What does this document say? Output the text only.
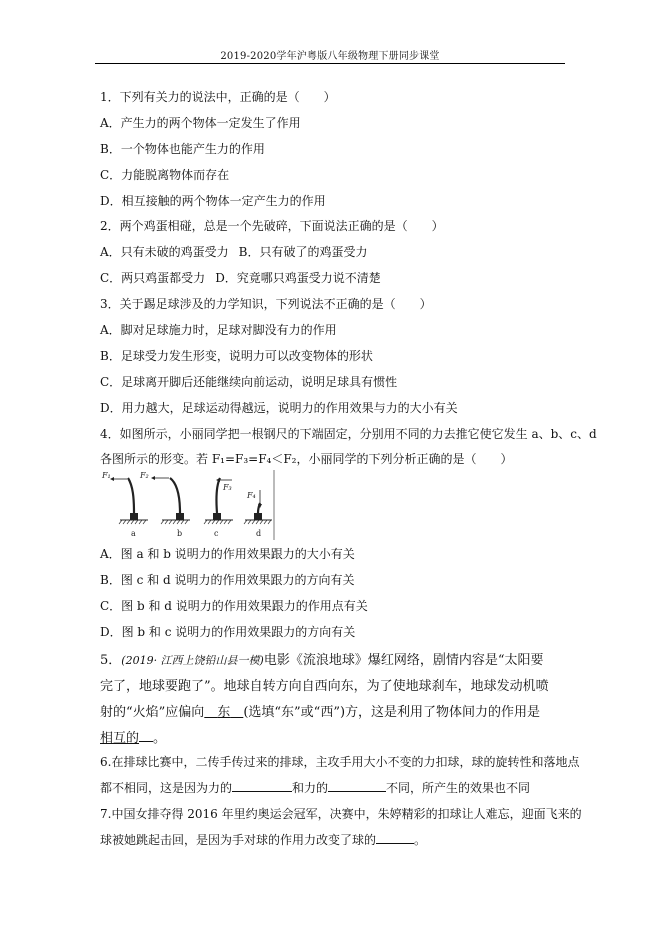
2019-2020学年沪粤版八年级物理下册同步课堂
1．下列有关力的说法中，正确的是（　　）
A．产生力的两个物体一定发生了作用
B．一个物体也能产生力的作用
C．力能脱离物体而存在
D．相互接触的两个物体一定产生力的作用
2．两个鸡蛋相碰，总是一个先破碎，下面说法正确的是（　　）
A．只有未破的鸡蛋受力 B．只有破了的鸡蛋受力
C．两只鸡蛋都受力 D．究竟哪只鸡蛋受力说不清楚
3．关于踢足球涉及的力学知识，下列说法不正确的是（　　）
A．脚对足球施力时，足球对脚没有力的作用
B．足球受力发生形变，说明力可以改变物体的形状
C．足球离开脚后还能继续向前运动，说明足球具有惯性
D．用力越大，足球运动得越远，说明力的作用效果与力的大小有关
4．如图所示，小丽同学把一根钢尺的下端固定，分别用不同的力去推它使它发生 a、b、c、d
各图所示的形变。若 F₁=F₃=F₄＜F₂，小丽同学的下列分析正确的是（　　）
F₁
a
F₂
b
F₃
c
F₄
d
A．图 a 和 b 说明力的作用效果跟力的大小有关
B．图 c 和 d 说明力的作用效果跟力的方向有关
C．图 b 和 d 说明力的作用效果跟力的作用点有关
D．图 b 和 c 说明力的作用效果跟力的方向有关
5．(2019· 江西上饶铅山县一模)电影《流浪地球》爆红网络，剧情内容是“太阳要
完了，地球要跑了”。地球自转方向自西向东，为了使地球刹车，地球发动机喷
射的“火焰”应偏向  东  (选填“东”或“西”)方，这是利用了物体间力的作用是
相互的 。
6.在排球比赛中，二传手传过来的排球，主攻手用大小不变的力扣球，球的旋转性和落地点
都不相同，这是因为力的	和力的	不同，所产生的效果也不同
7.中国女排夺得 2016 年里约奥运会冠军，决赛中，朱婷精彩的扣球让人难忘，迎面飞来的
球被她跳起击回，是因为手对球的作用力改变了球的	。
